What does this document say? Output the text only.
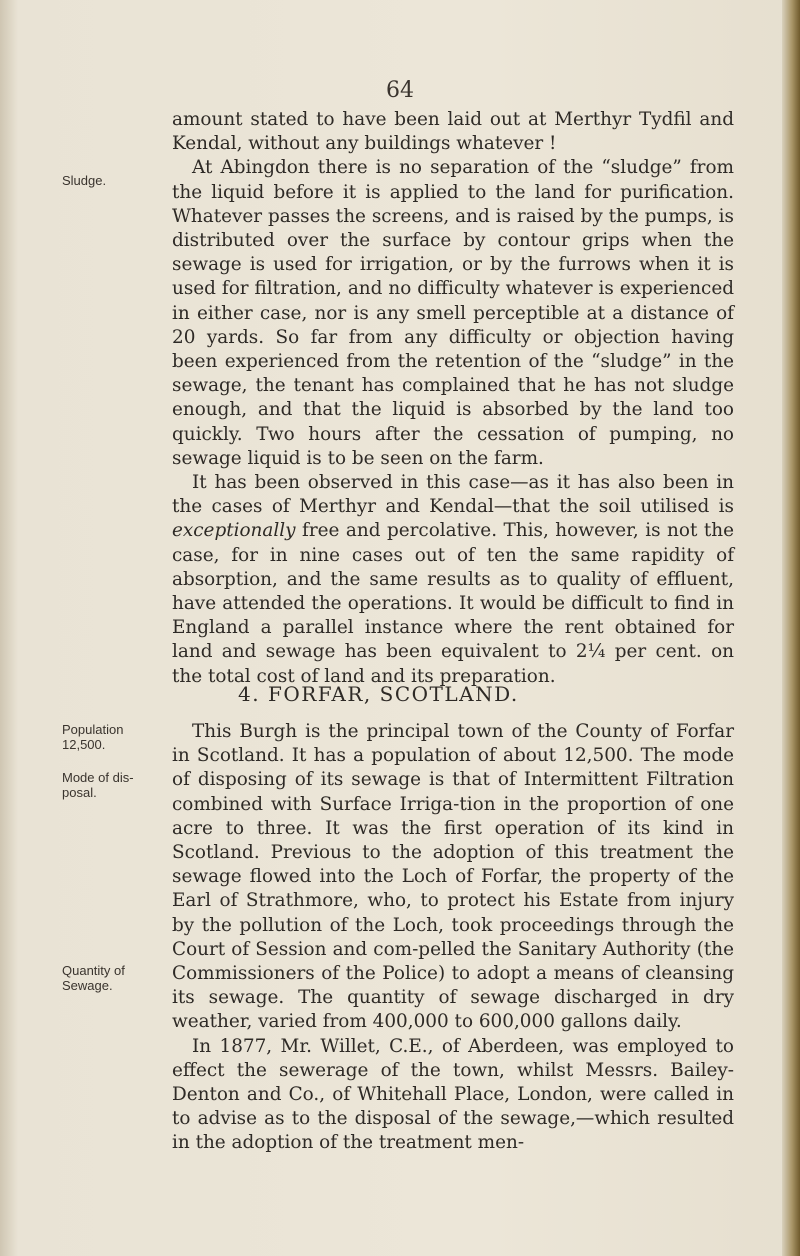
64
Sludge.

amount stated to have been laid out at Merthyr Tydfil and Kendal, without any buildings whatever !

At Abingdon there is no separation of the “sludge” from the liquid before it is applied to the land for purification. Whatever passes the screens, and is raised by the pumps, is distributed over the surface by contour grips when the sewage is used for irrigation, or by the furrows when it is used for filtration, and no difficulty whatever is experienced in either case, nor is any smell perceptible at a distance of 20 yards. So far from any difficulty or objection having been experienced from the retention of the “sludge” in the sewage, the tenant has complained that he has not sludge enough, and that the liquid is absorbed by the land too quickly. Two hours after the cessation of pumping, no sewage liquid is to be seen on the farm.

It has been observed in this case—as it has also been in the cases of Merthyr and Kendal—that the soil utilised is exceptionally free and percolative. This, however, is not the case, for in nine cases out of ten the same rapidity of absorption, and the same results as to quality of effluent, have attended the operations. It would be difficult to find in England a parallel instance where the rent obtained for land and sewage has been equivalent to 2¼ per cent. on the total cost of land and its preparation.

4. FORFAR, SCOTLAND.
Population
12,500.
Mode of dis-posal.
Quantity of Sewage.

This Burgh is the principal town of the County of Forfar in Scotland. It has a population of about 12,500. The mode of disposing of its sewage is that of Intermittent Filtration combined with Surface Irriga-tion in the proportion of one acre to three. It was the first operation of its kind in Scotland. Previous to the adoption of this treatment the sewage flowed into the Loch of Forfar, the property of the Earl of Strathmore, who, to protect his Estate from injury by the pollution of the Loch, took proceedings through the Court of Session and com-pelled the Sanitary Authority (the Commissioners of the Police) to adopt a means of cleansing its sewage. The quantity of sewage discharged in dry weather, varied from 400,000 to 600,000 gallons daily.

In 1877, Mr. Willet, C.E., of Aberdeen, was employed to effect the sewerage of the town, whilst Messrs. Bailey-Denton and Co., of Whitehall Place, London, were called in to advise as to the disposal of the sewage,—which resulted in the adoption of the treatment men-
